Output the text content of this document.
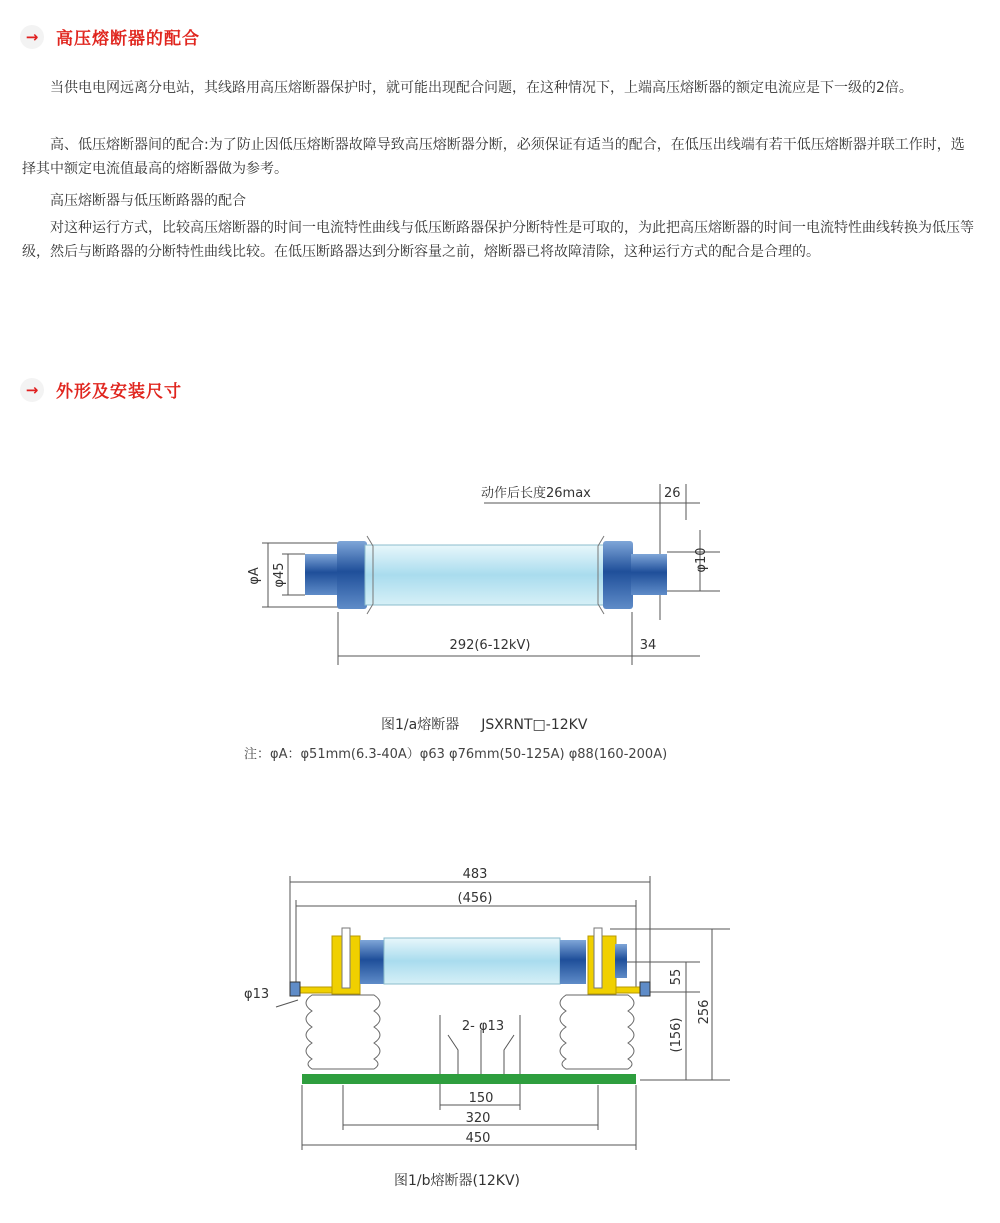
→	高压熔断器的配合

当供电电网远离分电站，其线路用高压熔断器保护时，就可能出现配合问题，在这种情况下，上端高压熔断器的额定电流应是下一级的2倍。

高、低压熔断器间的配合:为了防止因低压熔断器故障导致高压熔断器分断，必须保证有适当的配合，在低压出线端有若干低压熔断器并联工作时，选择其中额定电流值最高的熔断器做为参考。

高压熔断器与低压断路器的配合

对这种运行方式，比较高压熔断器的时间一电流特性曲线与低压断路器保护分断特性是可取的，为此把高压熔断器的时间一电流特性曲线转换为低压等级，然后与断路器的分断特性曲线比较。在低压断路器达到分断容量之前，熔断器已将故障清除，这种运行方式的配合是合理的。

→	外形及安装尺寸
动作后长度26max	26
φA φ45
φ10
292(6-12kV)	34
图1/a熔断器 JSXRNT□-12KV
注：φA：φ51mm(6.3-40A）φ63 φ76mm(50-125A) φ88(160-200A)
483
(456)
φ13
2- φ13
55
(156)
256
150
320
450
图1/b熔断器(12KV)
